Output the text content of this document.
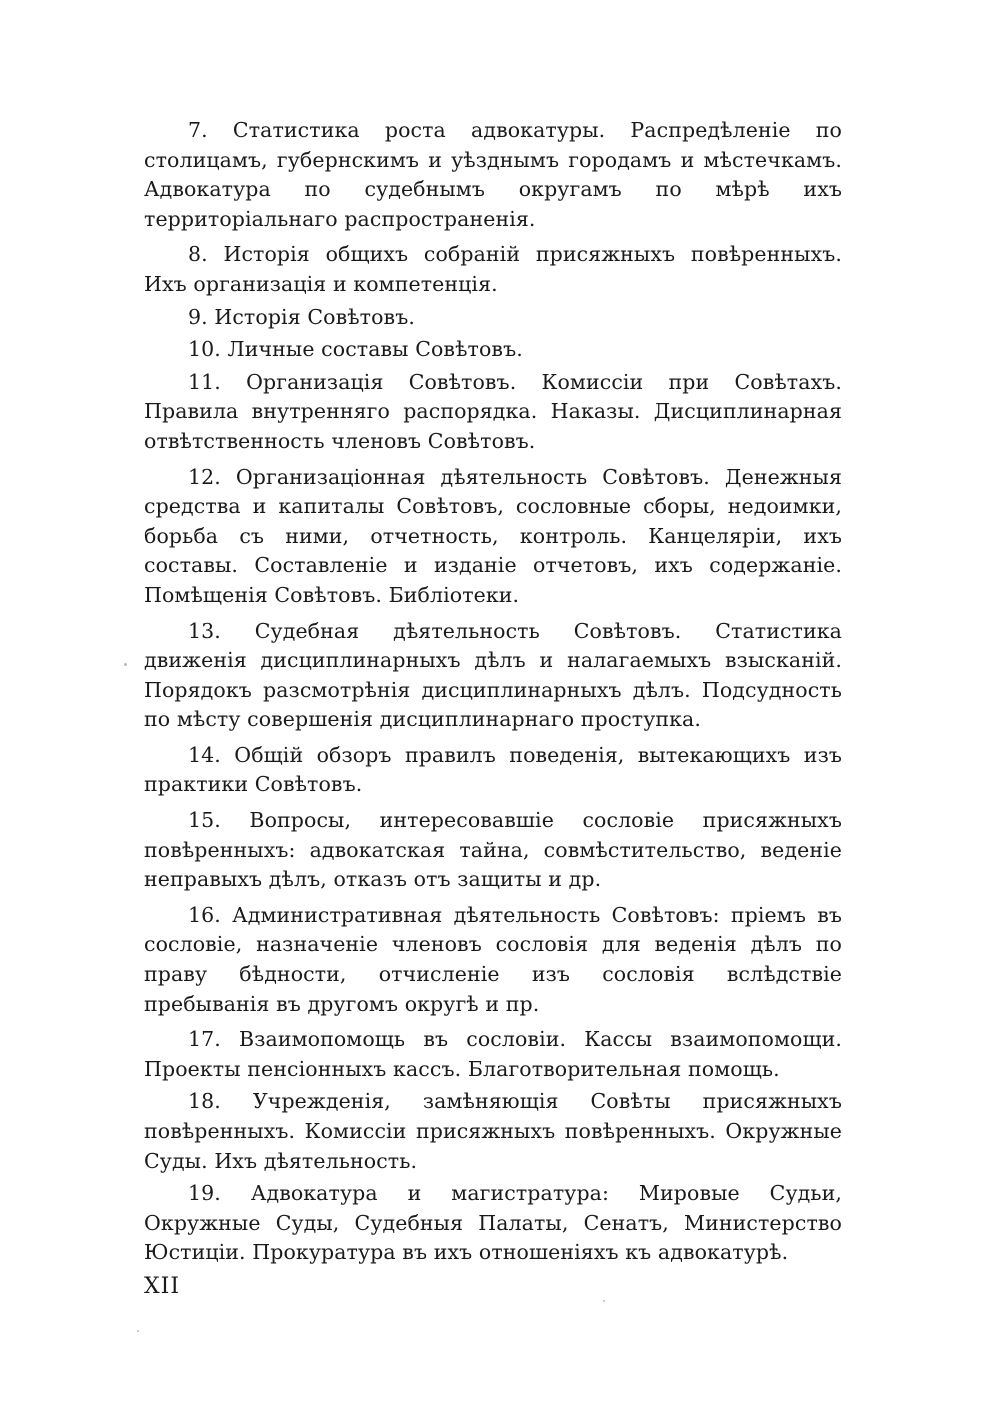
7. Статистика роста адвокатуры. Распредѣленіе по столицамъ, губернскимъ и уѣзднымъ городамъ и мѣстечкамъ. Адвокатура по судебнымъ округамъ по мѣрѣ ихъ территоріальнаго распространенія.

8. Исторія общихъ собраній присяжныхъ повѣренныхъ. Ихъ организація и компетенція.

9. Исторія Совѣтовъ.

10. Личные составы Совѣтовъ.

11. Организація Совѣтовъ. Комиссіи при Совѣтахъ. Правила внутренняго распорядка. Наказы. Дисциплинарная отвѣтственность членовъ Совѣтовъ.

12. Организаціонная дѣятельность Совѣтовъ. Денежныя средства и капиталы Совѣтовъ, сословные сборы, недоимки, борьба съ ними, отчетность, контроль. Канцеляріи, ихъ составы. Составленіе и изданіе отчетовъ, ихъ содержаніе. Помѣщенія Совѣтовъ. Библіотеки.

13. Судебная дѣятельность Совѣтовъ. Статистика движенія дисциплинарныхъ дѣлъ и налагаемыхъ взысканій. Порядокъ разсмотрѣнія дисциплинарныхъ дѣлъ. Подсудность по мѣсту совершенія дисциплинарнаго проступка.

14. Общій обзоръ правилъ поведенія, вытекающихъ изъ практики Совѣтовъ.

15. Вопросы, интересовавшіе сословіе присяжныхъ повѣренныхъ: адвокатская тайна, совмѣстительство, веденіе неправыхъ дѣлъ, отказъ отъ защиты и др.

16. Административная дѣятельность Совѣтовъ: пріемъ въ сословіе, назначеніе членовъ сословія для веденія дѣлъ по праву бѣдности, отчисленіе изъ сословія вслѣдствіе пребыванія въ другомъ округѣ и пр.

17. Взаимопомощь въ сословіи. Кассы взаимопомощи. Проекты пенсіонныхъ кассъ. Благотворительная помощь.

18. Учрежденія, замѣняющія Совѣты присяжныхъ повѣренныхъ. Комиссіи присяжныхъ повѣренныхъ. Окружные Суды. Ихъ дѣятельность.

19. Адвокатура и магистратура: Мировые Судьи, Окружные Суды, Судебныя Палаты, Сенатъ, Министерство Юстиціи. Прокуратура въ ихъ отношеніяхъ къ адвокатурѣ.

XII
